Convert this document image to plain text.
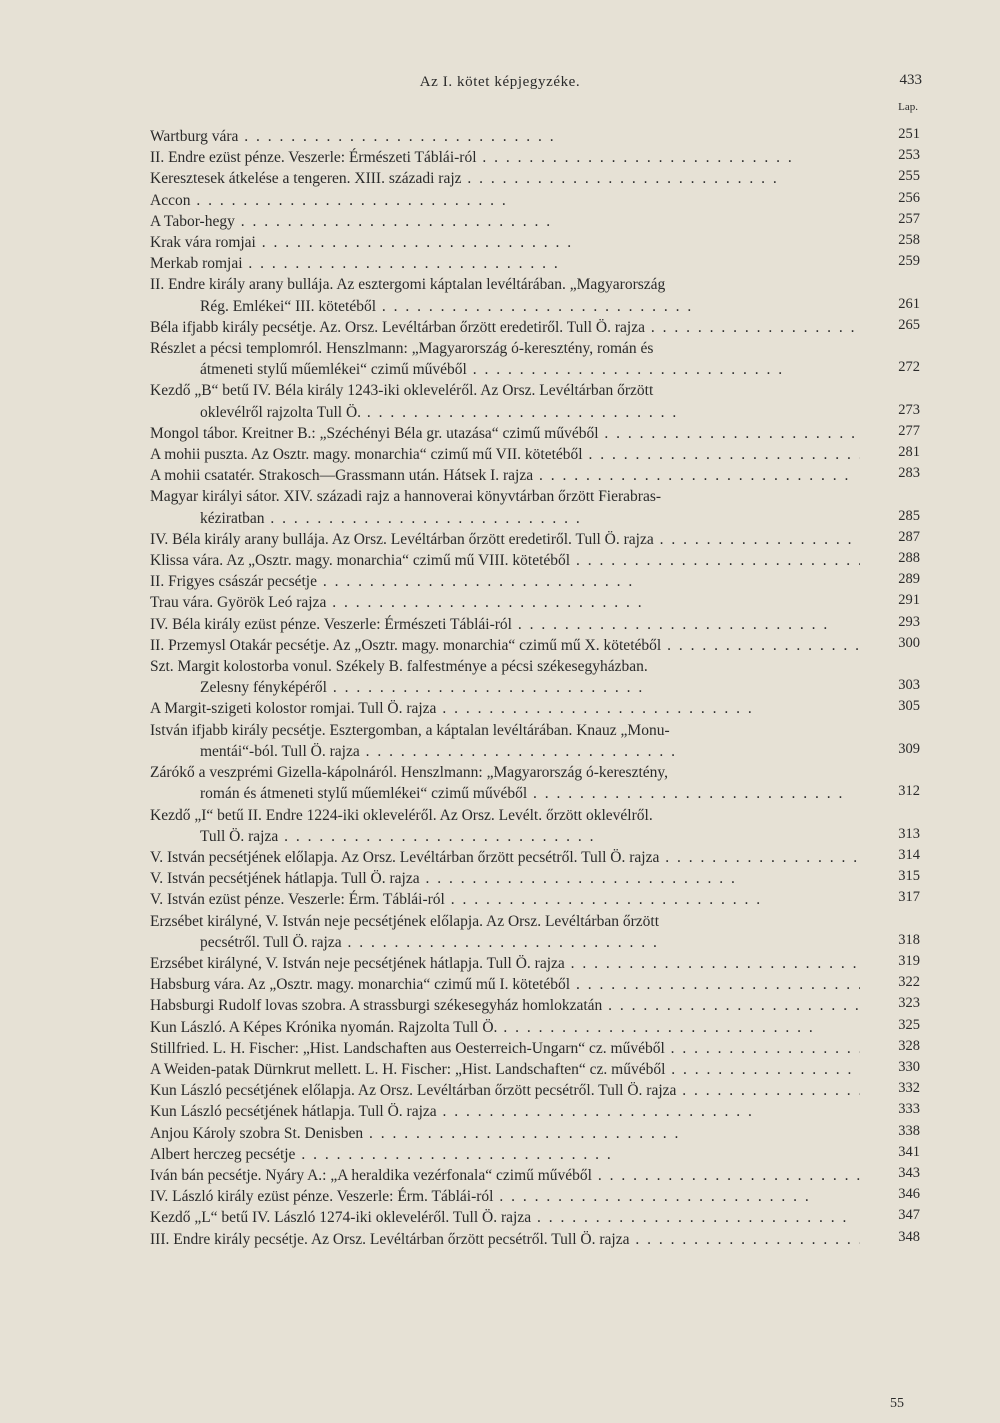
Az I. kötet képjegyzéke.	433
Lap.
Wartburg vára . .	251
II. Endre ezüst pénze. Veszerle: Érmészeti Táblái-ról . .	253
Keresztesek átkelése a tengeren. XIII. századi rajz . .	255
Accon . .	256
A Tabor-hegy . .	257
Krak vára romjai . .	258
Merkab romjai . .	259
II. Endre király arany bullája. Az esztergomi káptalan levéltárában. „Magyarország
Rég. Emlékei“ III. kötetéből . .	261
Béla ifjabb király pecsétje. Az. Orsz. Levéltárban őrzött eredetiről. Tull Ö. rajza . .	265
Részlet a pécsi templomról. Henszlmann: „Magyarország ó-keresztény, román és
átmeneti stylű műemlékei“ czimű művéből . .	272
Kezdő „B“ betű IV. Béla király 1243-iki okleveléről. Az Orsz. Levéltárban őrzött
oklevélről rajzolta Tull Ö. . .	273
Mongol tábor. Kreitner B.: „Széchényi Béla gr. utazása“ czimű művéből . .	277
A mohii puszta. Az Osztr. magy. monarchia“ czimű mű VII. kötetéből . .	281
A mohii csatatér. Strakosch—Grassmann után. Hátsek I. rajza . .	283
Magyar királyi sátor. XIV. századi rajz a hannoverai könyvtárban őrzött Fierabras-
kéziratban . .	285
IV. Béla király arany bullája. Az Orsz. Levéltárban őrzött eredetiről. Tull Ö. rajza . .	287
Klissa vára. Az „Osztr. magy. monarchia“ czimű mű VIII. kötetéből . .	288
II. Frigyes császár pecsétje . .	289
Trau vára. Györök Leó rajza . .	291
IV. Béla király ezüst pénze. Veszerle: Érmészeti Táblái-ról . .	293
II. Przemysl Otakár pecsétje. Az „Osztr. magy. monarchia“ czimű mű X. kötetéből . .	300
Szt. Margit kolostorba vonul. Székely B. falfestménye a pécsi székesegyházban.
Zelesny fényképéről . .	303
A Margit-szigeti kolostor romjai. Tull Ö. rajza . .	305
István ifjabb király pecsétje. Esztergomban, a káptalan levéltárában. Knauz „Monu-
mentái“-ból. Tull Ö. rajza . .	309
Zárókő a veszprémi Gizella-kápolnáról. Henszlmann: „Magyarország ó-keresztény,
román és átmeneti stylű műemlékei“ czimű művéből . .	312
Kezdő „I“ betű II. Endre 1224-iki okleveléről. Az Orsz. Levélt. őrzött oklevélről.
Tull Ö. rajza . .	313
V. István pecsétjének előlapja. Az Orsz. Levéltárban őrzött pecsétről. Tull Ö. rajza . .	314
V. István pecsétjének hátlapja. Tull Ö. rajza . .	315
V. István ezüst pénze. Veszerle: Érm. Táblái-ról . .	317
Erzsébet királyné, V. István neje pecsétjének előlapja. Az Orsz. Levéltárban őrzött
pecsétről. Tull Ö. rajza . .	318
Erzsébet királyné, V. István neje pecsétjének hátlapja. Tull Ö. rajza . .	319
Habsburg vára. Az „Osztr. magy. monarchia“ czimű mű I. kötetéből . .	322
Habsburgi Rudolf lovas szobra. A strassburgi székesegyház homlokzatán . .	323
Kun László. A Képes Krónika nyomán. Rajzolta Tull Ö. . .	325
Stillfried. L. H. Fischer: „Hist. Landschaften aus Oesterreich-Ungarn“ cz. művéből . .	328
A Weiden-patak Dürnkrut mellett. L. H. Fischer: „Hist. Landschaften“ cz. művéből . .	330
Kun László pecsétjének előlapja. Az Orsz. Levéltárban őrzött pecsétről. Tull Ö. rajza . .	332
Kun László pecsétjének hátlapja. Tull Ö. rajza . .	333
Anjou Károly szobra St. Denisben . .	338
Albert herczeg pecsétje . .	341
Iván bán pecsétje. Nyáry A.: „A heraldika vezérfonala“ czimű művéből . .	343
IV. László király ezüst pénze. Veszerle: Érm. Táblái-ról . .	346
Kezdő „L“ betű IV. László 1274-iki okleveléről. Tull Ö. rajza . .	347
III. Endre király pecsétje. Az Orsz. Levéltárban őrzött pecsétről. Tull Ö. rajza . .	348
55
